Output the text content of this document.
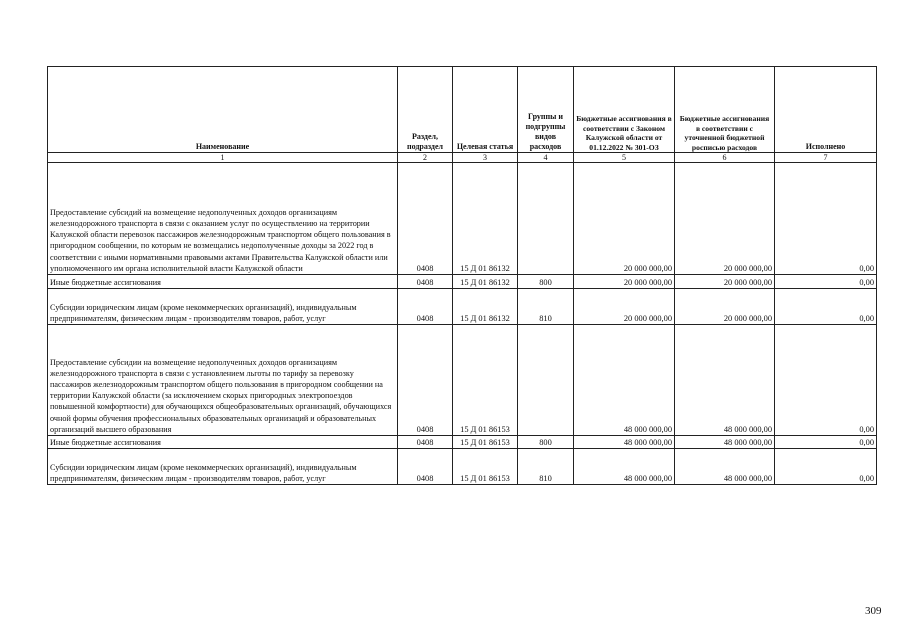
Наименование	Раздел, подраздел	Целевая статья	Группы и подгруппы видов расходов	Бюджетные ассигнования в соответствии с Законом Калужской области от 01.12.2022 № 301-ОЗ	Бюджетные ассигнования в соответствии с уточненной бюджетной росписью расходов	Исполнено
1	2	3	4	5	6	7
Предоставление субсидий на возмещение недополученных доходов организациям железнодорожного транспорта в связи с оказанием услуг по осуществлению на территории Калужской области перевозок пассажиров железнодорожным транспортом общего пользования в пригородном сообщении, по которым не возмещались недополученные доходы за 2022 год в соответствии с иными нормативными правовыми актами Правительства Калужской области или уполномоченного им органа исполнительной власти Калужской области	0408	15 Д 01 86132		20 000 000,00	20 000 000,00	0,00
Иные бюджетные ассигнования	0408	15 Д 01 86132	800	20 000 000,00	20 000 000,00	0,00
Субсидии юридическим лицам (кроме некоммерческих организаций), индивидуальным предпринимателям, физическим лицам - производителям товаров, работ, услуг	0408	15 Д 01 86132	810	20 000 000,00	20 000 000,00	0,00
Предоставление субсидии на возмещение недополученных доходов организациям железнодорожного транспорта в связи с установлением льготы по тарифу за перевозку пассажиров железнодорожным транспортом общего пользования в пригородном сообщении на территории Калужской области (за исключением скорых пригородных электропоездов повышенной комфортности) для обучающихся общеобразовательных организаций, обучающихся очной формы обучения профессиональных образовательных организаций и образовательных организаций высшего образования	0408	15 Д 01 86153		48 000 000,00	48 000 000,00	0,00
Иные бюджетные ассигнования	0408	15 Д 01 86153	800	48 000 000,00	48 000 000,00	0,00
Субсидии юридическим лицам (кроме некоммерческих организаций), индивидуальным предпринимателям, физическим лицам - производителям товаров, работ, услуг	0408	15 Д 01 86153	810	48 000 000,00	48 000 000,00	0,00
309
